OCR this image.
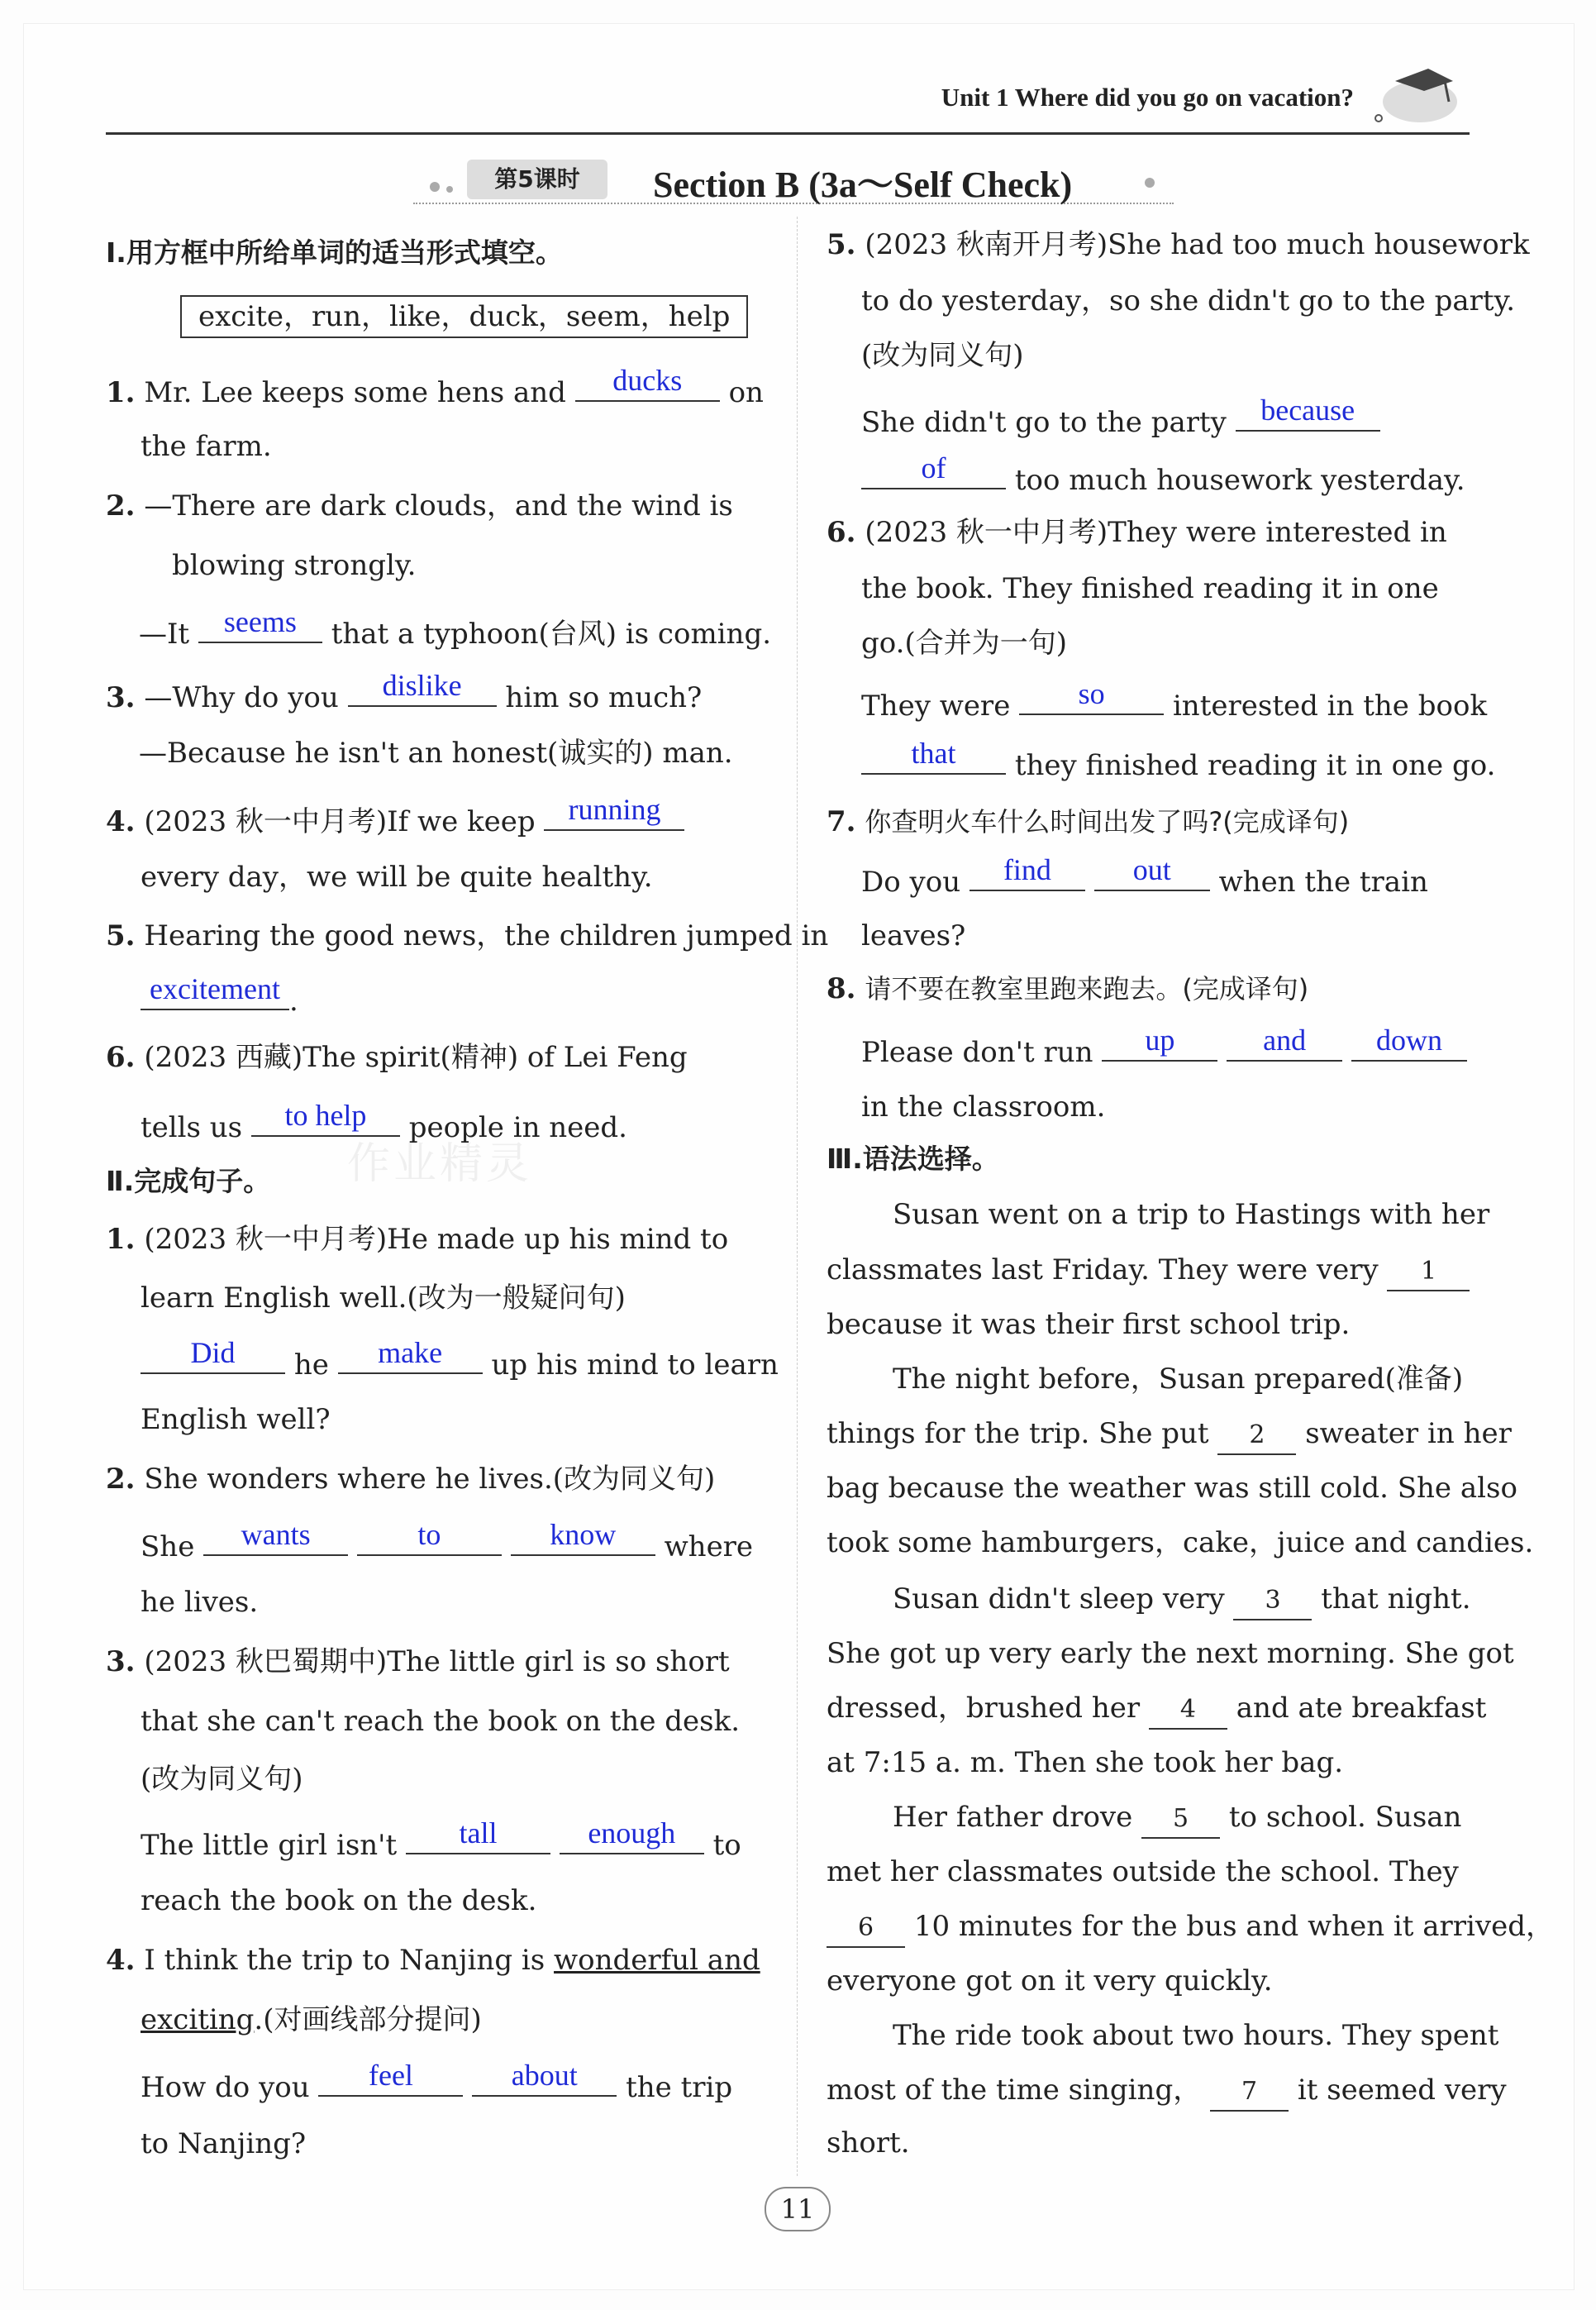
Unit 1 Where did you go on vacation?
第5课时	Section B (3a～Self Check)
作业精灵
Ⅰ.用方框中所给单词的适当形式填空。
excite，run，like，duck，seem，help
1. Mr. Lee keeps some hens and	ducks	on
the farm.
2. —There are dark clouds，and the wind is
blowing strongly.
—It	seems	that a typhoon(台风) is coming.
3. —Why do you	dislike	him so much?
—Because he isn't an honest(诚实的) man.
4. (2023 秋一中月考)If we keep	running
every day，we will be quite healthy.
5. Hearing the good news，the children jumped in
excitement .
6. (2023 西藏)The spirit(精神) of Lei Feng
tells us	to help	people in need.
Ⅱ.完成句子。
1. (2023 秋一中月考)He made up his mind to
learn English well.(改为一般疑问句)
Did	he	make	up his mind to learn
English well?
2. She wonders where he lives.(改为同义句)
She	wants
	to
	know	where
he lives.
3. (2023 秋巴蜀期中)The little girl is so short
that she can't reach the book on the desk.
(改为同义句)
The little girl isn't	tall
	enough	to
reach the book on the desk.
4. I think the trip to Nanjing is wonderful and
exciting.(对画线部分提问)
How do you	feel
	about	the trip
to Nanjing?
5. (2023 秋南开月考)She had too much housework
to do yesterday，so she didn't go to the party.
(改为同义句)
She didn't go to the party	because
of	too much housework yesterday.
6. (2023 秋一中月考)They were interested in
the book. They finished reading it in one
go.(合并为一句)
They were	so	interested in the book
that	they finished reading it in one go.
7. 你查明火车什么时间出发了吗?(完成译句)
Do you	find
	out	when the train
leaves?
8. 请不要在教室里跑来跑去。(完成译句)
Please don't run	up
	and
	down
in the classroom.
Ⅲ.语法选择。
Susan went on a trip to Hastings with her
classmates last Friday. They were very 1
because it was their first school trip.
The night before，Susan prepared(准备)
things for the trip. She put 2 sweater in her
bag because the weather was still cold. She also
took some hamburgers，cake，juice and candies.
Susan didn't sleep very 3 that night.
She got up very early the next morning. She got
dressed，brushed her 4 and ate breakfast
at 7:15 a. m. Then she took her bag.
Her father drove 5 to school. Susan
met her classmates outside the school. They
6 10 minutes for the bus and when it arrived，
everyone got on it very quickly.
The ride took about two hours. They spent
most of the time singing， 7 it seemed very
short.
11
